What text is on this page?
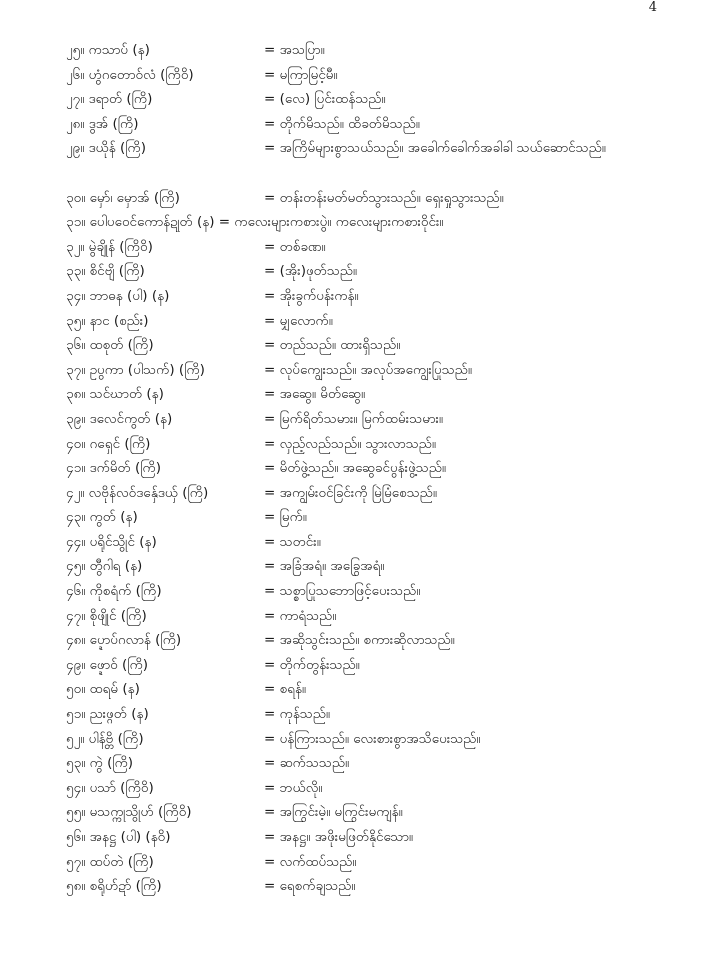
4
၂၅။ ကသာပ် (န)	= အသပြာ။
၂၆။ ဟွံဂတောဝ်လံ (ကြိဝိ)	= မကြာမြင့်မီ။
၂၇။ ဒရာတ် (ကြိ)	= (လေ) ပြင်းထန်သည်။
၂၈။ ဒွအ် (ကြိ)	= တိုက်မိသည်။ ထိခတ်မိသည်။
၂၉။ ဒယိုန် (ကြိ)	= အကြိမ်များစွာသယ်သည်။ အခေါက်ခေါက်အခါခါ သယ်ဆောင်သည်။
၃၀။ မှော်၊ မှောအ် (ကြိ)	= တန်းတန်းမတ်မတ်သွားသည်။ ရှေးရှုသွားသည်။
၃၁။ ပေါပဝေင်ကောန်ဍုတ် (န) = ကလေးများကစားပွဲ။ ကလေးများကစားဝိုင်း။
၃၂။ မွဲချိုန် (ကြိဝိ)	= တစ်ခဏ။
၃၃။ စိင်ဗျိ (ကြိ)	= (အိုး)ဖုတ်သည်။
၃၄။ ဘာဓန (ပါ) (န)	= အိုးခွက်ပန်းကန်။
၃၅။ နာင (စည်း)	= မျှလောက်။
၃၆။ ထစုတ် (ကြိ)	= တည်သည်။ ထားရှိသည်။
၃၇။ ဥပွကာ (ပါသက်) (ကြိ)	= လုပ်ကျွေးသည်။ အလုပ်အကျွေးပြုသည်။
၃၈။ သင်ဃာတ် (န)	= အဆွေ။ မိတ်ဆွေ။
၃၉။ ဒလေင်ကွတ် (န)	= မြက်ရိတ်သမား။ မြက်ထမ်းသမား။
၄၀။ ဂရှေင် (ကြိ)	= လှည့်လည်သည်။ သွားလာသည်။
၄၁။ ဒက်မိတ် (ကြိ)	= မိတ်ဖွဲ့သည်။ အဆွေခင်ပွန်းဖွဲ့သည်။
၄၂။ လဗိုန်လ၀်ဒနှ်ေဒယှ် (ကြိ)	= အကျွမ်းဝင်ခြင်းကို မြဲမြံစေသည်။
၄၃။ ကွတ် (န)	= မြက်။
၄၄။ ပရိုင်သွိုင် (န)	= သတင်း။
၄၅။ တွီဂါရ (န)	= အခြံအရံ။ အခြွေအရံ။
၄၆။ ကိုစရံက် (ကြိ)	= သစ္စာပြုသဘောဖြင့်ပေးသည်။
၄၇။ စိုဖျိုင် (ကြိ)	= ကာရံသည်။
၄၈။ ပ္ဍောပ်ဂလာန် (ကြိ)	= အဆိုသွင်းသည်။ စကားဆိုလာသည်။
၄၉။ ဖ္ဍောဝ် (ကြိ)	= တိုက်တွန်းသည်။
၅၀။ ထရမ် (န)	= စရန်။
၅၁။ ညးဖ္ဂတ် (န)	= ကုန်သည်။
၅၂။ ပါန်ဗ္တိ (ကြိ)	= ပန်ကြားသည်။ လေးစားစွာအသိပေးသည်။
၅၃။ ကွဲ (ကြိ)	= ဆက်သသည်။
၅၄။ ပသာ် (ကြိဝိ)	= ဘယ်လို။
၅၅။ မသက္ကုသွိုဟ် (ကြိဝိ)	= အကြွင်းမဲ့။ မကြွင်းမကျန်။
၅၆။ အနဋ္ဌ (ပါ) (နဝိ)	= အနဋ္ဌ။ အဖိုးမဖြတ်နိုင်သော။
၅၇။ ထပ်တဲ (ကြိ)	= လက်ထပ်သည်။
၅၈။ စရိုဟ်ဍာ် (ကြိ)	= ရေစက်ချသည်။
